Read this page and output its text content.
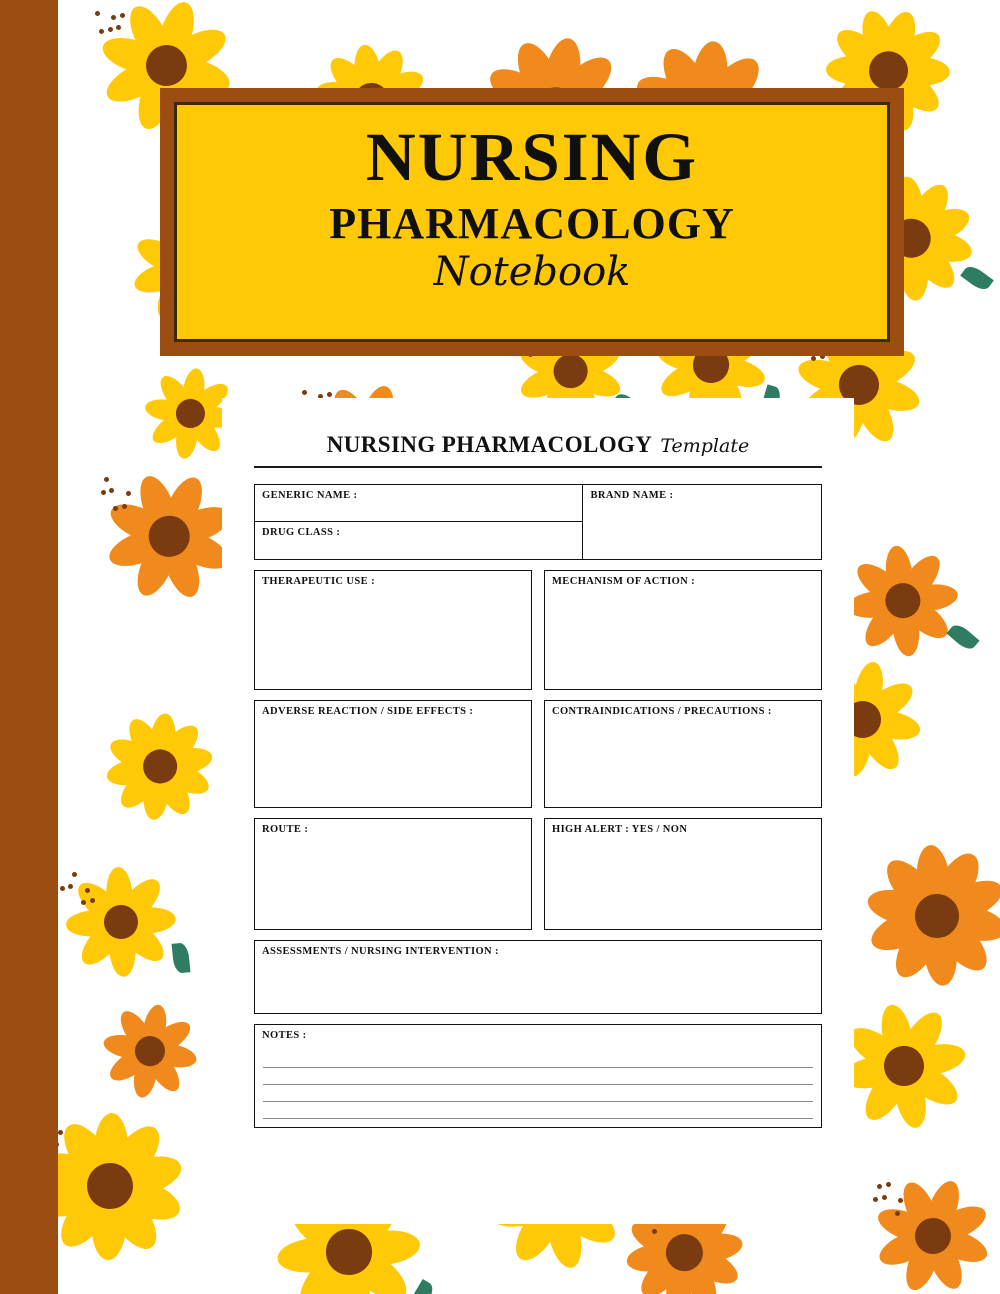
NURSING
PHARMACOLOGY
Notebook
NURSING PHARMACOLOGY Template
GENERIC NAME :
DRUG CLASS :
BRAND NAME :
THERAPEUTIC USE :	MECHANISM OF ACTION :
ADVERSE REACTION / SIDE EFFECTS :	CONTRAINDICATIONS / PRECAUTIONS :
ROUTE :	HIGH ALERT : YES / NON
ASSESSMENTS / NURSING INTERVENTION :
NOTES :
